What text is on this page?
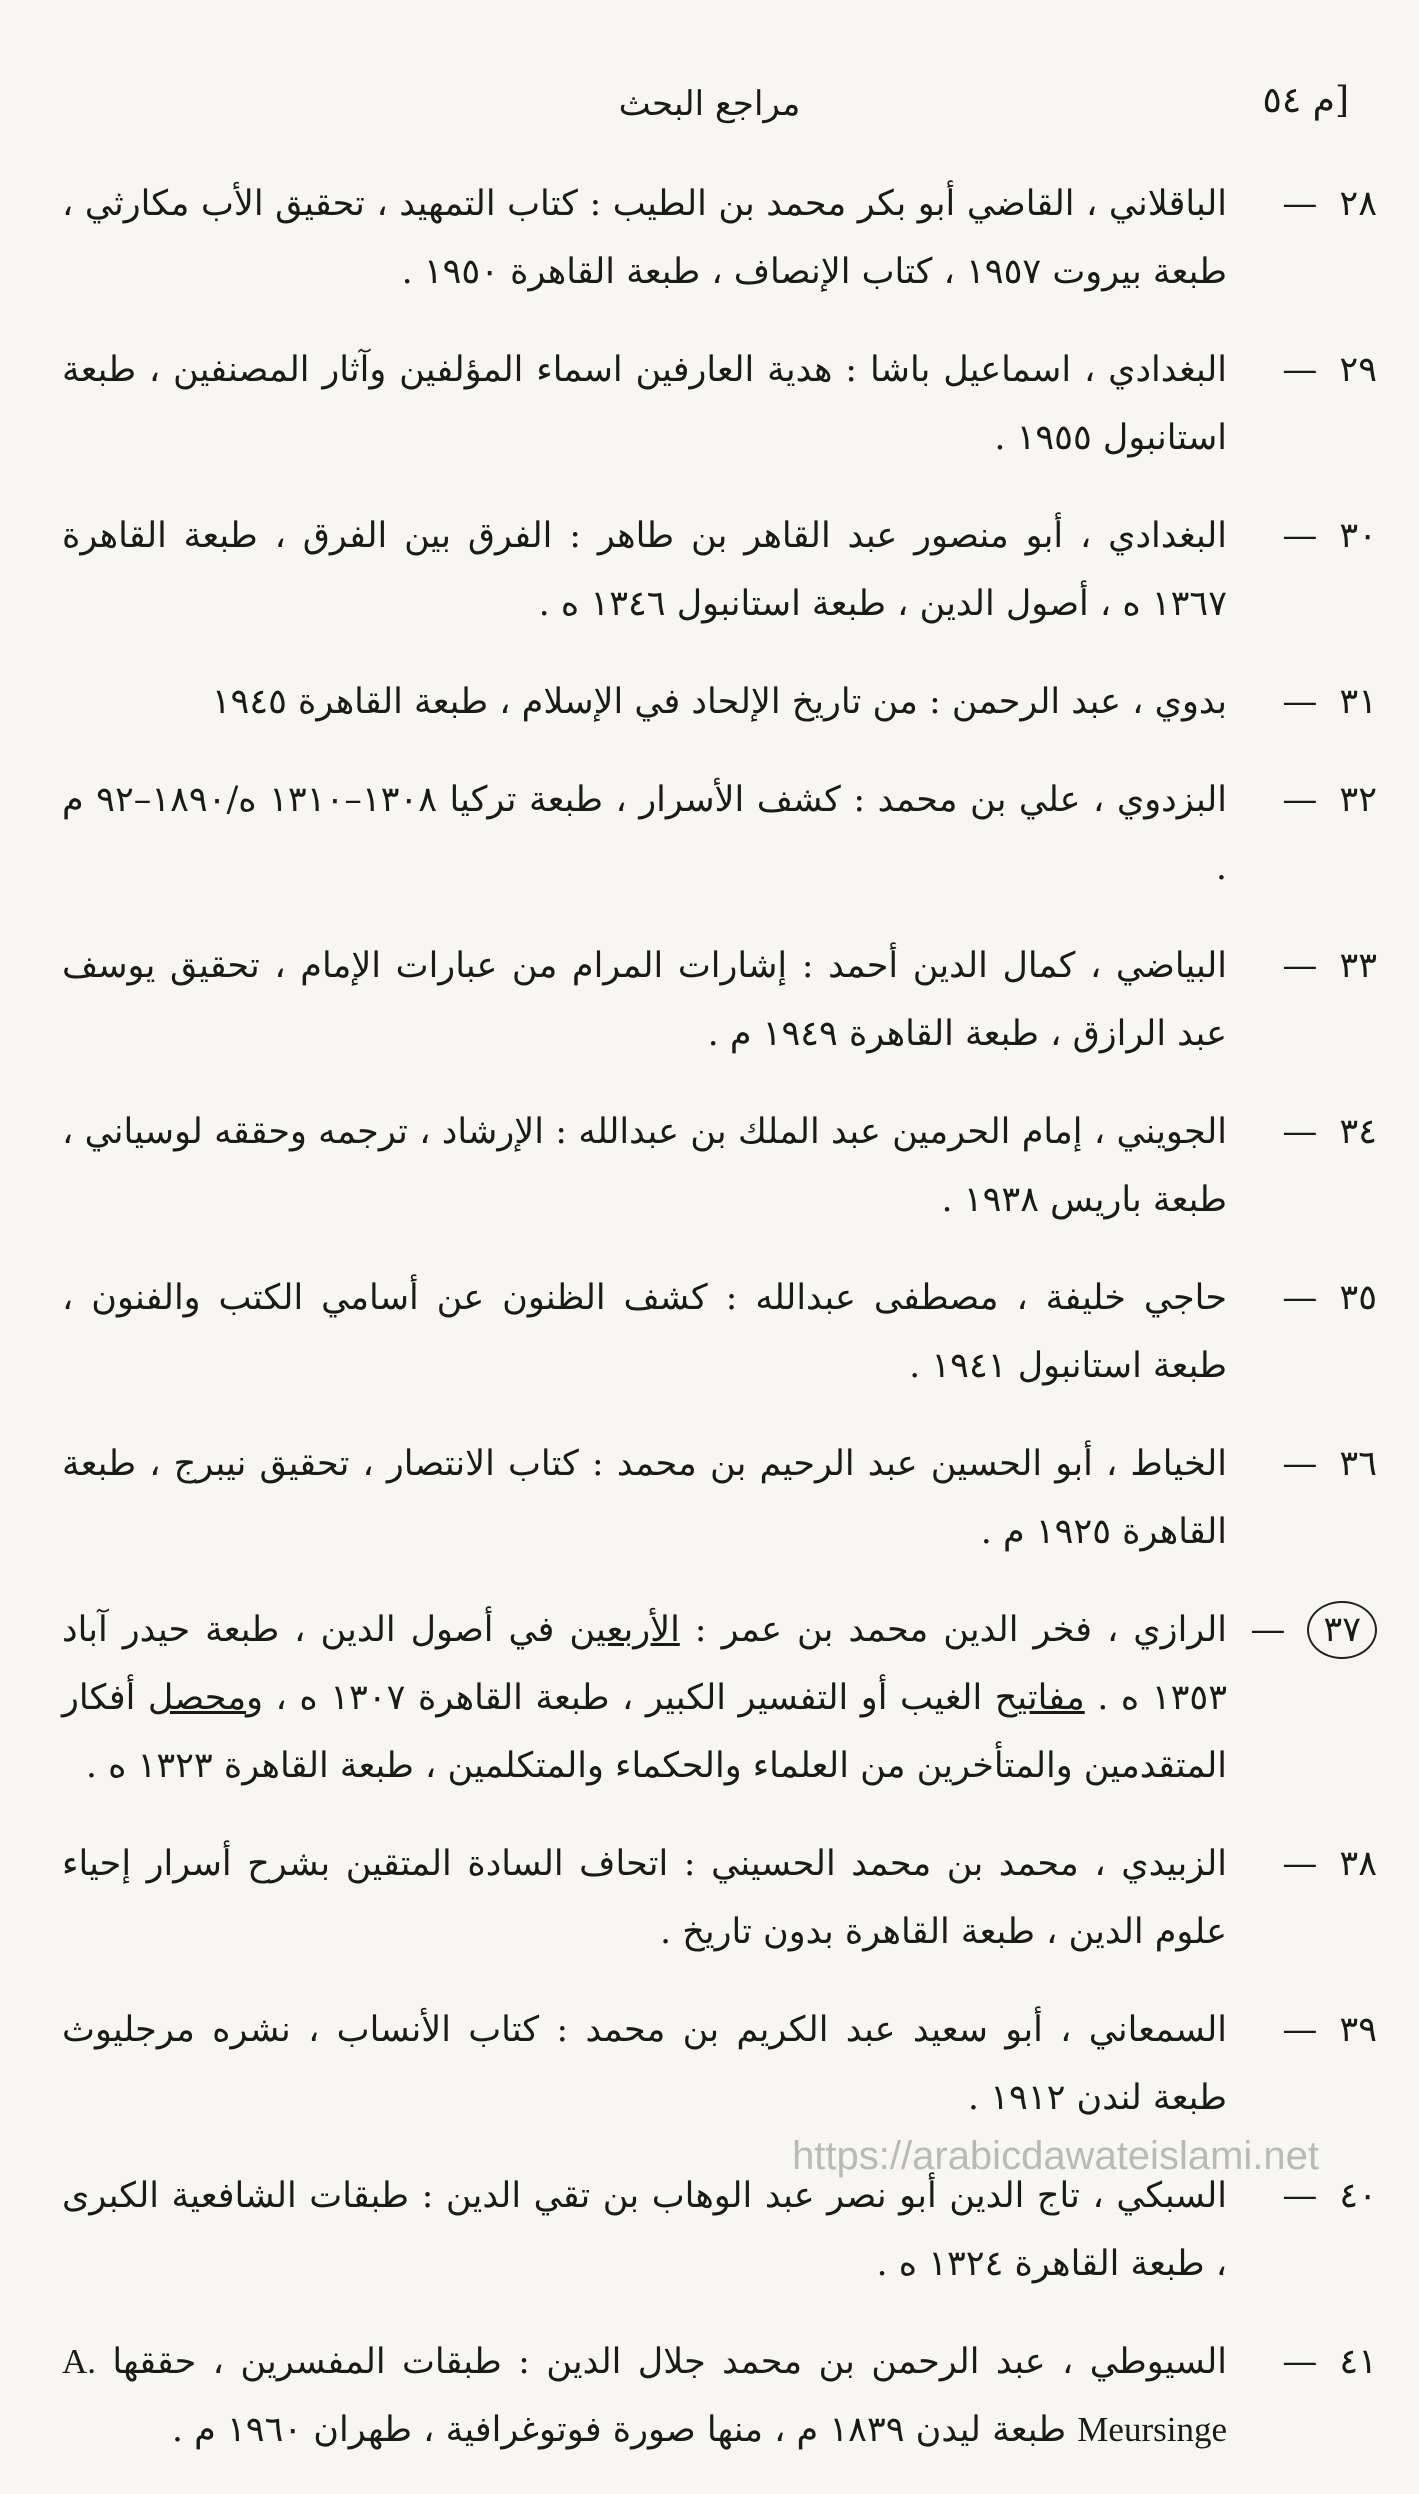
[م ٥٤
مراجع البحث
٢٨—
الباقلاني ، القاضي أبو بكر محمد بن الطيب : كتاب التمهيد ، تحقيق الأب مكارثي ، طبعة بيروت ١٩٥٧ ، كتاب الإنصاف ، طبعة القاهرة ١٩٥٠ .
٢٩—
البغدادي ، اسماعيل باشا : هدية العارفين اسماء المؤلفين وآثار المصنفين ، طبعة استانبول ١٩٥٥ .
٣٠—
البغدادي ، أبو منصور عبد القاهر بن طاهر : الفرق بين الفرق ، طبعة القاهرة ١٣٦٧ ه ، أصول الدين ، طبعة استانبول ١٣٤٦ ه .
٣١—
بدوي ، عبد الرحمن : من تاريخ الإلحاد في الإسلام ، طبعة القاهرة ١٩٤٥
٣٢—
البزدوي ، علي بن محمد : كشف الأسرار ، طبعة تركيا ١٣٠٨–١٣١٠ ه/١٨٩٠–٩٢ م .
٣٣—
البياضي ، كمال الدين أحمد : إشارات المرام من عبارات الإمام ، تحقيق يوسف عبد الرازق ، طبعة القاهرة ١٩٤٩ م .
٣٤—
الجويني ، إمام الحرمين عبد الملك بن عبدالله : الإرشاد ، ترجمه وحققه لوسياني ، طبعة باريس ١٩٣٨ .
٣٥—
حاجي خليفة ، مصطفى عبدالله : كشف الظنون عن أسامي الكتب والفنون ، طبعة استانبول ١٩٤١ .
٣٦—
الخياط ، أبو الحسين عبد الرحيم بن محمد : كتاب الانتصار ، تحقيق نيبرج ، طبعة القاهرة ١٩٢٥ م .
٣٧—
الرازي ، فخر الدين محمد بن عمر : الأربعين في أصول الدين ، طبعة حيدر آباد ١٣٥٣ ه . مفاتيح الغيب أو التفسير الكبير ، طبعة القاهرة ١٣٠٧ ه ، ومحصل أفكار المتقدمين والمتأخرين من العلماء والحكماء والمتكلمين ، طبعة القاهرة ١٣٢٣ ه .
٣٨—
الزبيدي ، محمد بن محمد الحسيني : اتحاف السادة المتقين بشرح أسرار إحياء علوم الدين ، طبعة القاهرة بدون تاريخ .
٣٩—
السمعاني ، أبو سعيد عبد الكريم بن محمد : كتاب الأنساب ، نشره مرجليوث طبعة لندن ١٩١٢ .
٤٠—
السبكي ، تاج الدين أبو نصر عبد الوهاب بن تقي الدين : طبقات الشافعية الكبرى ، طبعة القاهرة ١٣٢٤ ه .
٤١—
السيوطي ، عبد الرحمن بن محمد جلال الدين : طبقات المفسرين ، حققها A. Meursinge طبعة ليدن ١٨٣٩ م ، منها صورة فوتوغرافية ، طهران ١٩٦٠ م .
https://arabicdawateislami.net
